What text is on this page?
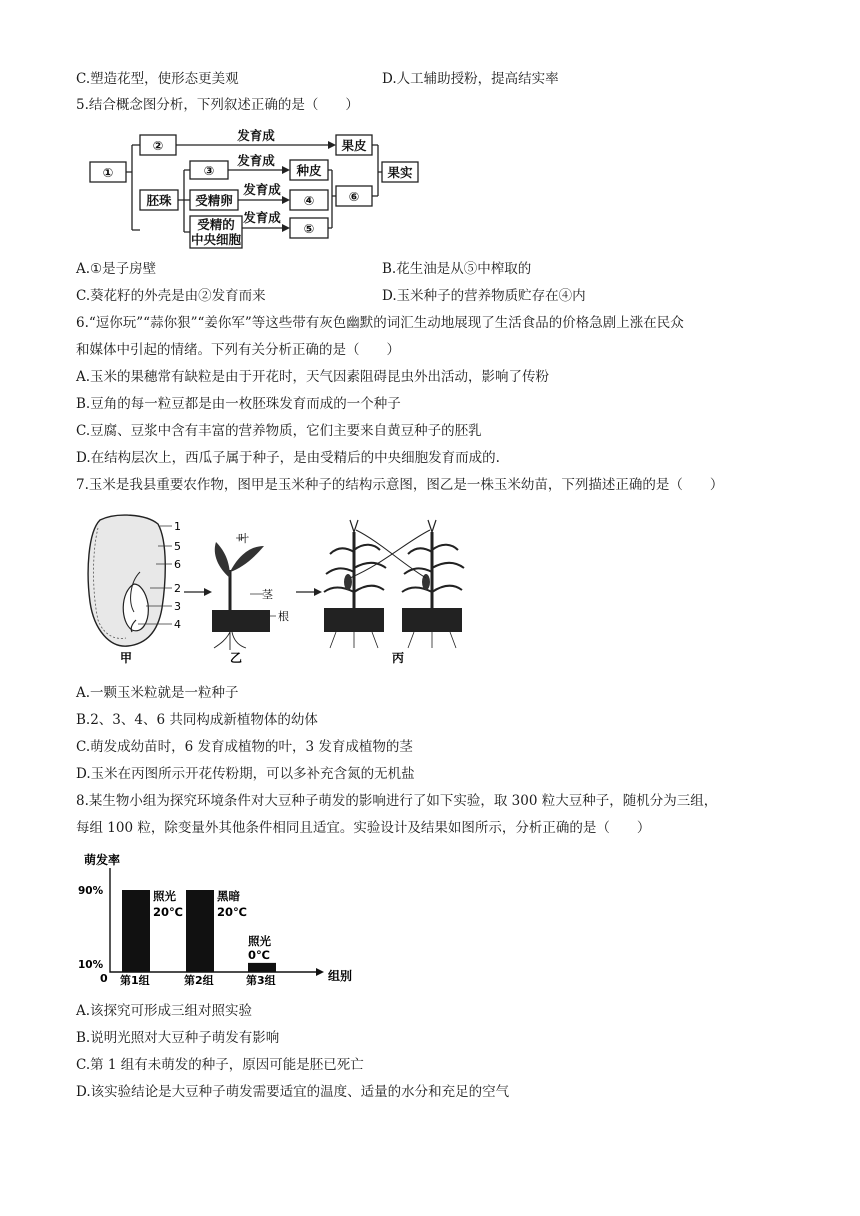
C.塑造花型，使形态更美观	D.人工辅助授粉，提高结实率
5.结合概念图分析，下列叙述正确的是（　　）
①
②
胚珠
③
受精卵
受精的
中央细胞
发育成
发育成
发育成
发育成
种皮
④
⑤
⑥
果皮
果实
A.①是子房壁	B.花生油是从⑤中榨取的
C.葵花籽的外壳是由②发育而来	D.玉米种子的营养物质贮存在④内
6.“逗你玩”“蒜你狠”“姜你军”等这些带有灰色幽默的词汇生动地展现了生活食品的价格急剧上涨在民众
和媒体中引起的情绪。下列有关分析正确的是（　　）
A.玉米的果穗常有缺粒是由于开花时，天气因素阻碍昆虫外出活动，影响了传粉
B.豆角的每一粒豆都是由一枚胚珠发育而成的一个种子
C.豆腐、豆浆中含有丰富的营养物质，它们主要来自黄豆种子的胚乳
D.在结构层次上，西瓜子属于种子，是由受精后的中央细胞发育而成的.
7.玉米是我县重要农作物，图甲是玉米种子的结构示意图，图乙是一株玉米幼苗，下列描述正确的是（　　）
1
5
6
2
3
4
甲
叶
茎
根
乙	丙
A.一颗玉米粒就是一粒种子
B.2、3、4、6 共同构成新植物体的幼体
C.萌发成幼苗时，6 发育成植物的叶，3 发育成植物的茎
D.玉米在丙图所示开花传粉期，可以多补充含氮的无机盐
8.某生物小组为探究环境条件对大豆种子萌发的影响进行了如下实验，取 300 粒大豆种子，随机分为三组，
每组 100 粒，除变量外其他条件相同且适宜。实验设计及结果如图所示，分析正确的是（　　）
萌发率
90%
10%
0	组别
第1组
照光
20℃
第2组
黑暗
20℃
第3组
照光
0℃
A.该探究可形成三组对照实验
B.说明光照对大豆种子萌发有影响
C.第 1 组有未萌发的种子，原因可能是胚已死亡
D.该实验结论是大豆种子萌发需要适宜的温度、适量的水分和充足的空气
